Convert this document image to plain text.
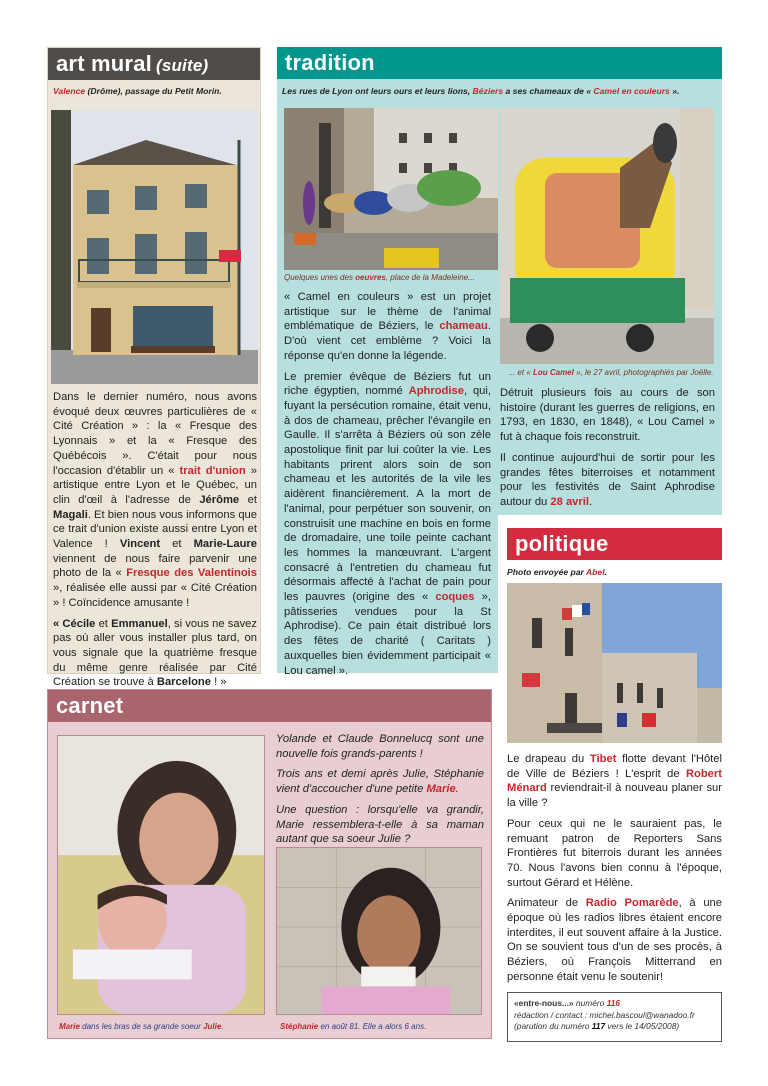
art mural (suite)
Valence (Drôme), passage du Petit Morin.

Dans le dernier numéro, nous avons évoqué deux œuvres particulières de « Cité Création » : la « Fresque des Lyonnais » et la « Fresque des Québécois ». C'était pour nous l'occasion d'établir un « trait d'union » artistique entre Lyon et le Québec, un clin d'œil à l'adresse de Jérôme et Magali. Et bien nous vous informons que ce trait d'union existe aussi entre Lyon et Valence ! Vincent et Marie-Laure viennent de nous faire parvenir une photo de la « Fresque des Valentinois », réalisée elle aussi par « Cité Création » ! Coïncidence amusante !

« Cécile et Emmanuel, si vous ne savez pas où aller vous installer plus tard, on vous signale que la quatrième fresque du même genre réalisée par Cité Création se trouve à Barcelone ! »

tradition
Les rues de Lyon ont leurs ours et leurs lions, Béziers a ses chameaux de « Camel en couleurs ».
Quelques unes des oeuvres, place de la Madeleine...
... et « Lou Camel », le 27 avril, photographiés par Joëlle.

« Camel en couleurs » est un projet artistique sur le thème de l'animal emblématique de Béziers, le chameau. D'où vient cet emblème ? Voici la réponse qu'en donne la légende.

Le premier évêque de Béziers fut un riche égyptien, nommé Aphrodise, qui, fuyant la persécution romaine, était venu, à dos de chameau, prêcher l'évangile en Gaulle. Il s'arrêta à Béziers où son zèle apostolique finit par lui coûter la vie. Les habitants prirent alors soin de son chameau et les autorités de la vile les aidèrent financièrement. A la mort de l'animal, pour perpétuer son souvenir, on construisit une machine en bois en forme de dromadaire, une toile peinte cachant les hommes la manœuvrant. L'argent consacré à l'entretien du chameau fut désormais affecté à l'achat de pain pour les pauvres (origine des « coques », pâtisseries vendues pour la St Aphrodise). Ce pain était distribué lors des fêtes de charité ( Caritats ) auxquelles bien évidemment participait « Lou camel ».

Détruit plusieurs fois au cours de son histoire (durant les guerres de religions, en 1793, en 1830, en 1848), « Lou Camel » fut à chaque fois reconstruit.

Il continue aujourd'hui de sortir pour les grandes fêtes biterroises et notamment pour les festivités de Saint Aphrodise autour du 28 avril.

politique
Photo envoyée par Abel.

Le drapeau du Tibet flotte devant l'Hôtel de Ville de Béziers ! L'esprit de Robert Ménard reviendrait-il à nouveau planer sur la ville ?

Pour ceux qui ne le sauraient pas, le remuant patron de Reporters Sans Frontières fut biterrois durant les années 70. Nous l'avons bien connu à l'époque, surtout Gérard et Hélène.

Animateur de Radio Pomarède, à une époque où les radios libres étaient encore interdites, il eut souvent affaire à la Justice. On se souvient tous d'un de ses procès, à Béziers, où François Mitterrand en personne était venu le soutenir!

carnet

Yolande et Claude Bonnelucq sont une nouvelle fois grands-parents !

Trois ans et demi après Julie, Stéphanie vient d'accoucher d'une petite Marie.

Une question : lorsqu'elle va grandir, Marie ressemblera-t-elle à sa maman autant que sa soeur Julie ?

Marie dans les bras de sa grande soeur Julie.	Stéphanie en août 81. Elle a alors 6 ans.
«entre-nous...» numéro 116
rédaction / contact : michel.bascoul@wanadoo.fr
(parution du numéro 117 vers le 14/05/2008)
